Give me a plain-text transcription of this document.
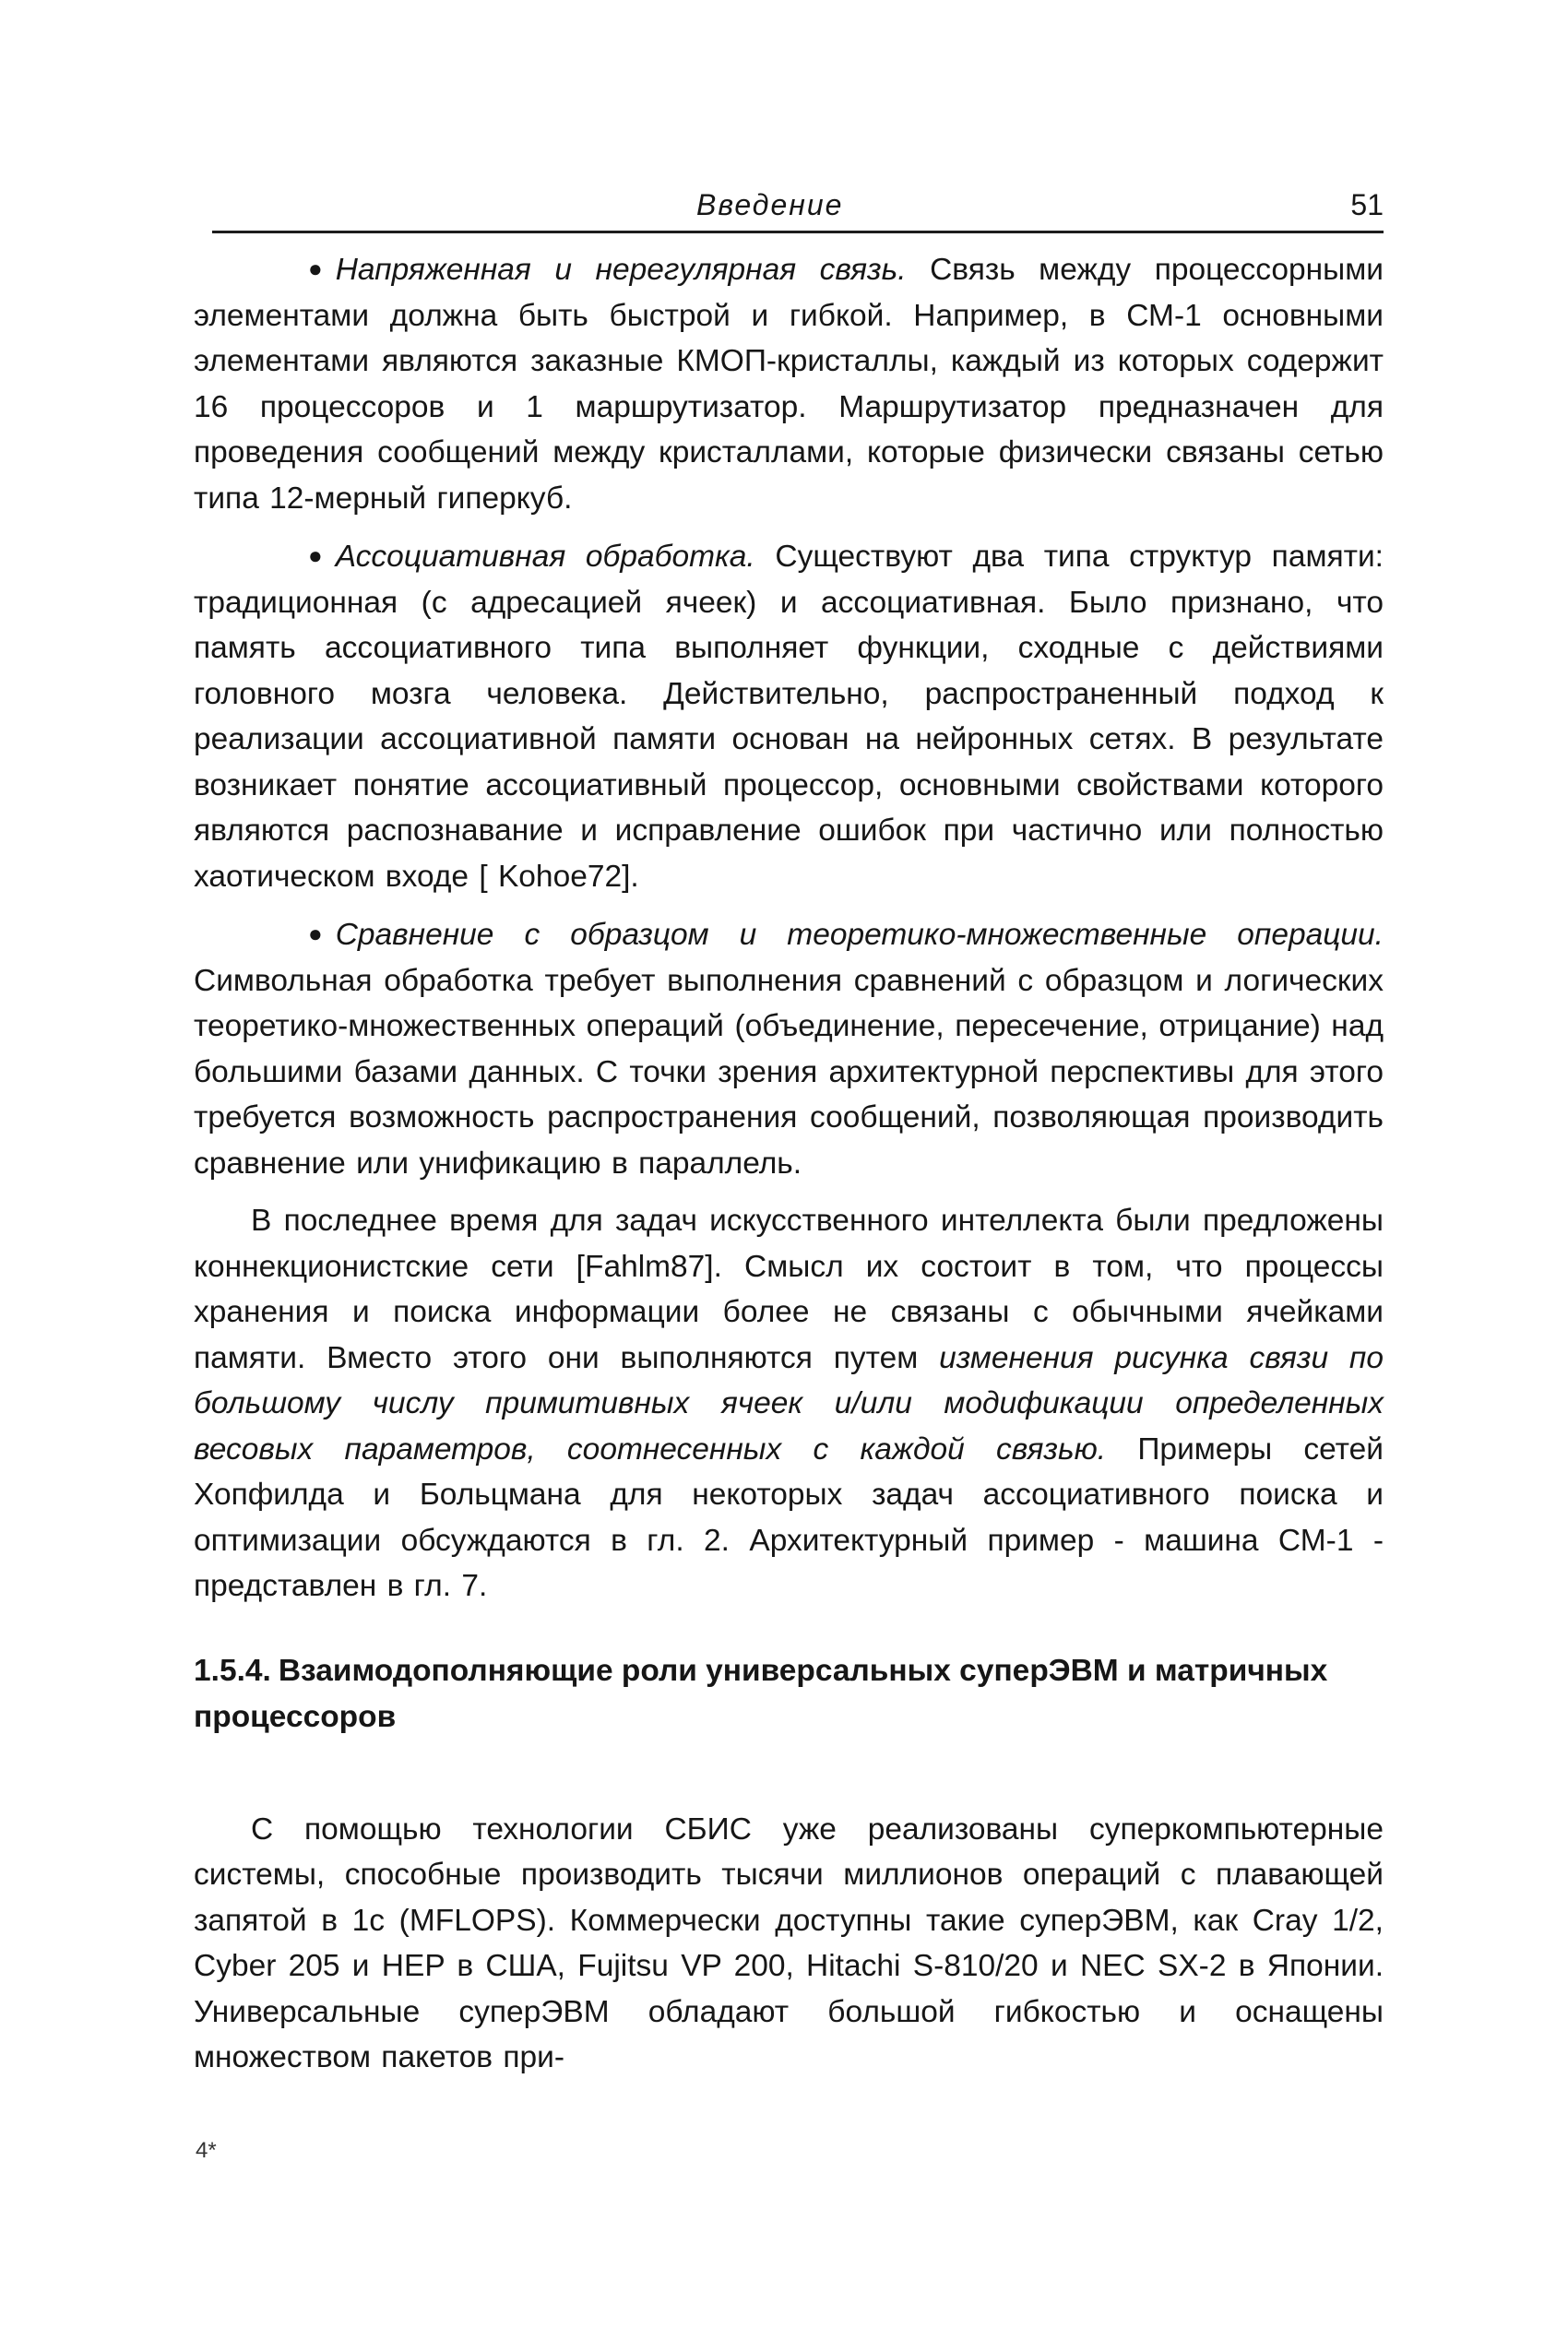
Введение	51

● Напряженная и нерегулярная связь. Связь между процессорными элементами должна быть быстрой и гибкой. Например, в СМ-1 основными элементами являются заказные КМОП-кристаллы, каждый из которых содержит 16 процессоров и 1 маршрутизатор. Маршрутизатор предназначен для проведения сообщений между кристаллами, которые физически связаны сетью типа 12-мерный гиперкуб.

● Ассоциативная обработка. Существуют два типа структур памяти: традиционная (с адресацией ячеек) и ассоциативная. Было признано, что память ассоциативного типа выполняет функции, сходные с действиями головного мозга человека. Действительно, распространенный подход к реализации ассоциативной памяти основан на нейронных сетях. В результате возникает понятие ассоциативный процессор, основными свойствами которого являются распознавание и исправление ошибок при частично или полностью хаотическом входе [ Kohoe72].

● Сравнение с образцом и теоретико-множественные операции. Символьная обработка требует выполнения сравнений с образцом и логических теоретико-множественных операций (объединение, пересечение, отрицание) над большими базами данных. С точки зрения архитектурной перспективы для этого требуется возможность распространения сообщений, позволяющая производить сравнение или унификацию в параллель.

В последнее время для задач искусственного интеллекта были предложены коннекционистские сети [Fahlm87]. Смысл их состоит в том, что процессы хранения и поиска информации более не связаны с обычными ячейками памяти. Вместо этого они выполняются путем изменения рисунка связи по большому числу примитивных ячеек и/или модификации определенных весовых параметров, соотнесенных с каждой связью. Примеры сетей Хопфилда и Больцмана для некоторых задач ассоциативного поиска и оптимизации обсуждаются в гл. 2. Архитектурный пример - машина СМ-1 - представлен в гл. 7.

1.5.4. Взаимодополняющие роли универсальных суперЭВМ и матричных процессоров

С помощью технологии СБИС уже реализованы суперкомпьютерные системы, способные производить тысячи миллионов операций с плавающей запятой в 1с (MFLOPS). Коммерчески доступны такие суперЭВМ, как Cray 1/2, Cyber 205 и HEP в США, Fujitsu VP 200, Hitachi S-810/20 и NEC SX-2 в Японии. Универсальные суперЭВМ обладают большой гибкостью и оснащены множеством пакетов при-

4*
